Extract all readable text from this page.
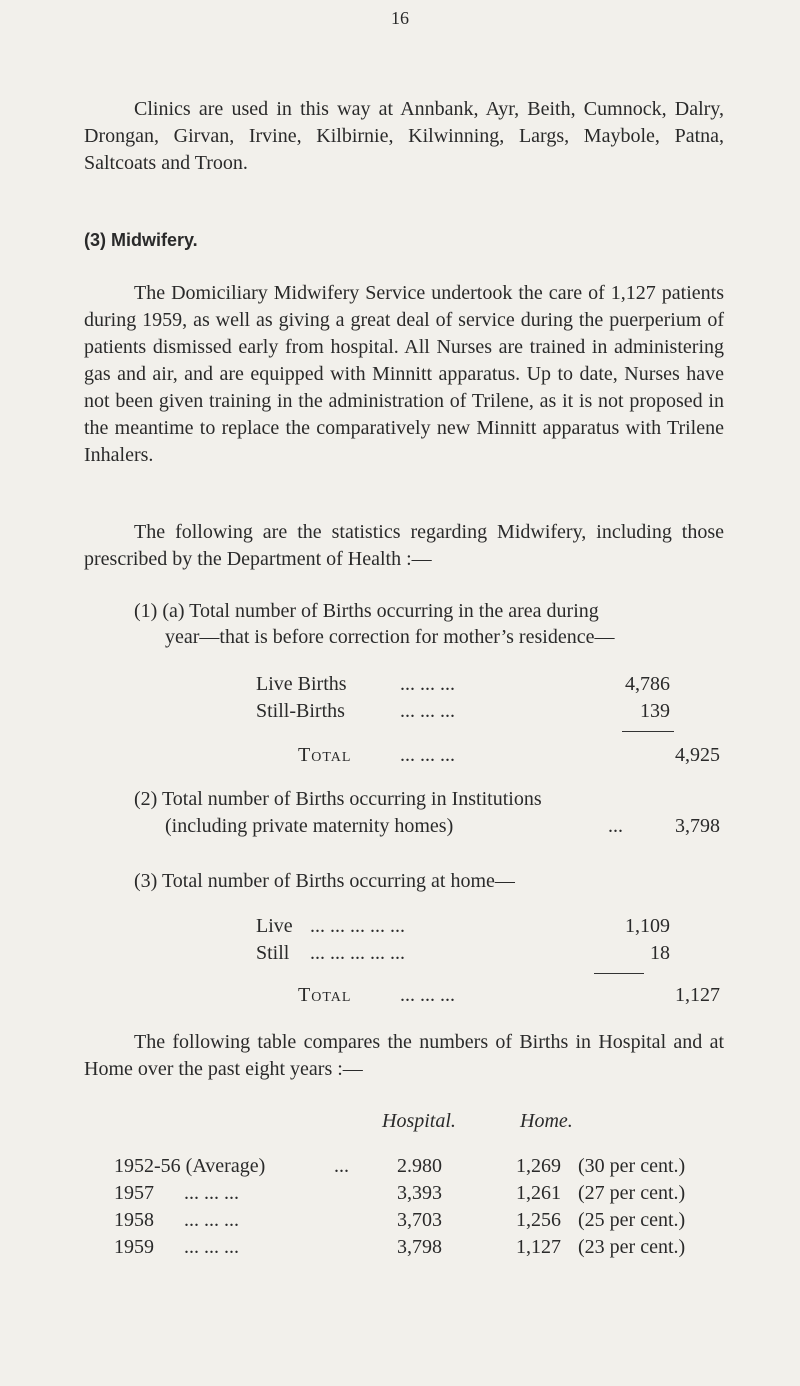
16

Clinics are used in this way at Annbank, Ayr, Beith, Cumnock, Dalry, Drongan, Girvan, Irvine, Kilbirnie, Kilwinning, Largs, Maybole, Patna, Saltcoats and Troon.

(3) Midwifery.

The Domiciliary Midwifery Service undertook the care of 1,127 patients during 1959, as well as giving a great deal of service during the puerperium of patients dismissed early from hospital. All Nurses are trained in administering gas and air, and are equipped with Minnitt apparatus. Up to date, Nurses have not been given training in the administration of Trilene, as it is not proposed in the meantime to replace the comparatively new Minnitt apparatus with Trilene Inhalers.

The following are the statistics regarding Midwifery, including those prescribed by the Department of Health :—

(1) (a) Total number of Births occurring in the area during
year—that is before correction for mother’s residence—
Live Births	... ... ...	4,786
Still-Births	... ... ...	139
Total ... ... ...	4,925
(2) Total number of Births occurring in Institutions
(including private maternity homes)	...	3,798
(3) Total number of Births occurring at home—
Live ... ... ... ... ...	1,109
Still ... ... ... ... ...	18
Total ... ... ...	1,127

The following table compares the numbers of Births in Hospital and at Home over the past eight years :—

Hospital.	Home.
1952-56 (Average)	...	2.980	1,269 (30 per cent.)
1957 ... ... ...	3,393	1,261 (27 per cent.)
1958 ... ... ...	3,703	1,256 (25 per cent.)
1959 ... ... ...	3,798	1,127 (23 per cent.)
